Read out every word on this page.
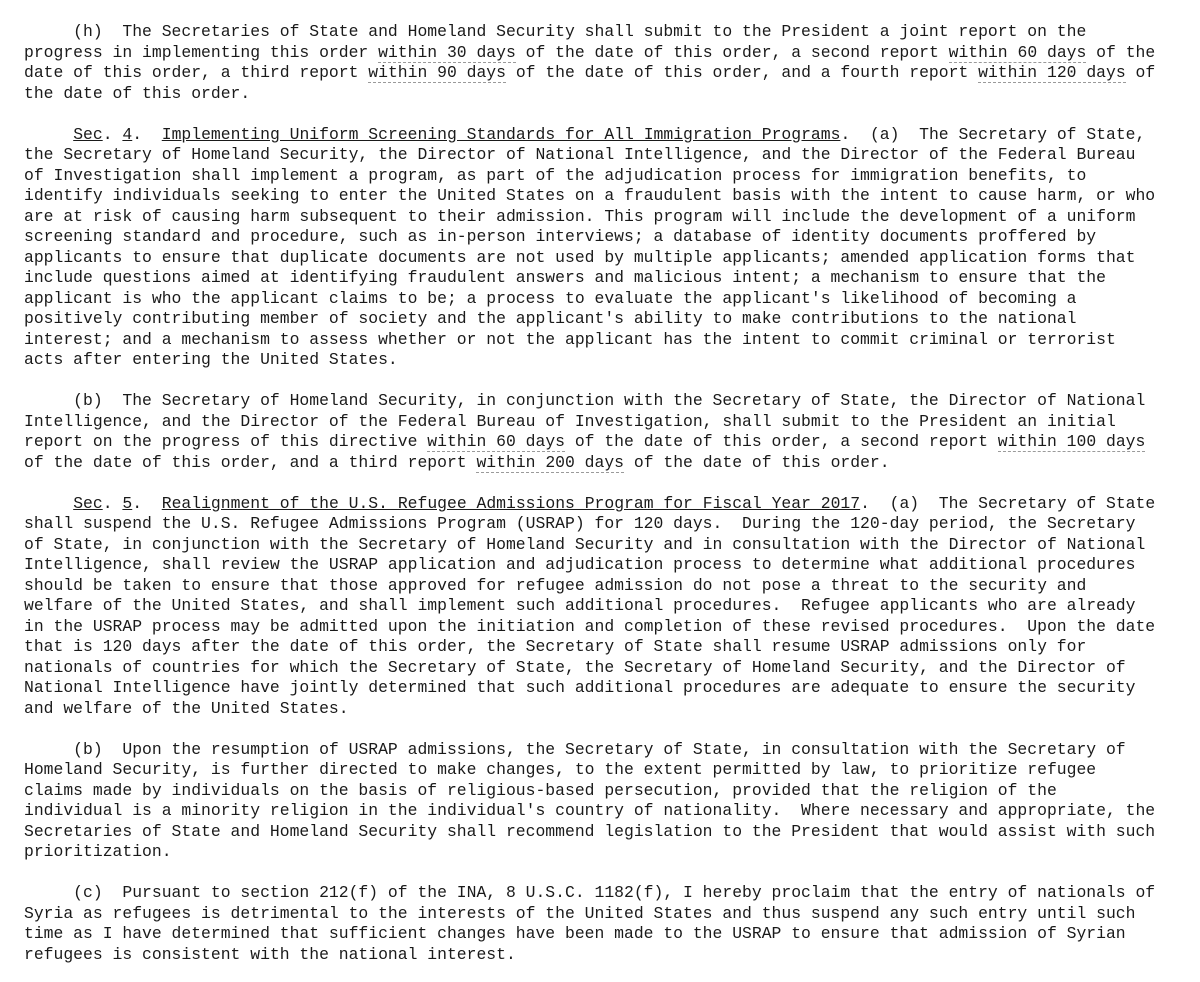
(h)  The Secretaries of State and Homeland Security shall submit to the President a joint report on the
progress in implementing this order within 30 days of the date of this order, a second report within 60 days of the
date of this order, a third report within 90 days of the date of this order, and a fourth report within 120 days of
the date of this order.
Sec. 4.  Implementing Uniform Screening Standards for All Immigration Programs.  (a)  The Secretary of State,
the Secretary of Homeland Security, the Director of National Intelligence, and the Director of the Federal Bureau
of Investigation shall implement a program, as part of the adjudication process for immigration benefits, to
identify individuals seeking to enter the United States on a fraudulent basis with the intent to cause harm, or who
are at risk of causing harm subsequent to their admission. This program will include the development of a uniform
screening standard and procedure, such as in-person interviews; a database of identity documents proffered by
applicants to ensure that duplicate documents are not used by multiple applicants; amended application forms that
include questions aimed at identifying fraudulent answers and malicious intent; a mechanism to ensure that the
applicant is who the applicant claims to be; a process to evaluate the applicant's likelihood of becoming a
positively contributing member of society and the applicant's ability to make contributions to the national
interest; and a mechanism to assess whether or not the applicant has the intent to commit criminal or terrorist
acts after entering the United States.
(b)  The Secretary of Homeland Security, in conjunction with the Secretary of State, the Director of National
Intelligence, and the Director of the Federal Bureau of Investigation, shall submit to the President an initial
report on the progress of this directive within 60 days of the date of this order, a second report within 100 days
of the date of this order, and a third report within 200 days of the date of this order.
Sec. 5.  Realignment of the U.S. Refugee Admissions Program for Fiscal Year 2017.  (a)  The Secretary of State
shall suspend the U.S. Refugee Admissions Program (USRAP) for 120 days.  During the 120-day period, the Secretary
of State, in conjunction with the Secretary of Homeland Security and in consultation with the Director of National
Intelligence, shall review the USRAP application and adjudication process to determine what additional procedures
should be taken to ensure that those approved for refugee admission do not pose a threat to the security and
welfare of the United States, and shall implement such additional procedures.  Refugee applicants who are already
in the USRAP process may be admitted upon the initiation and completion of these revised procedures.  Upon the date
that is 120 days after the date of this order, the Secretary of State shall resume USRAP admissions only for
nationals of countries for which the Secretary of State, the Secretary of Homeland Security, and the Director of
National Intelligence have jointly determined that such additional procedures are adequate to ensure the security
and welfare of the United States.
(b)  Upon the resumption of USRAP admissions, the Secretary of State, in consultation with the Secretary of
Homeland Security, is further directed to make changes, to the extent permitted by law, to prioritize refugee
claims made by individuals on the basis of religious-based persecution, provided that the religion of the
individual is a minority religion in the individual's country of nationality.  Where necessary and appropriate, the
Secretaries of State and Homeland Security shall recommend legislation to the President that would assist with such
prioritization.
(c)  Pursuant to section 212(f) of the INA, 8 U.S.C. 1182(f), I hereby proclaim that the entry of nationals of
Syria as refugees is detrimental to the interests of the United States and thus suspend any such entry until such
time as I have determined that sufficient changes have been made to the USRAP to ensure that admission of Syrian
refugees is consistent with the national interest.
